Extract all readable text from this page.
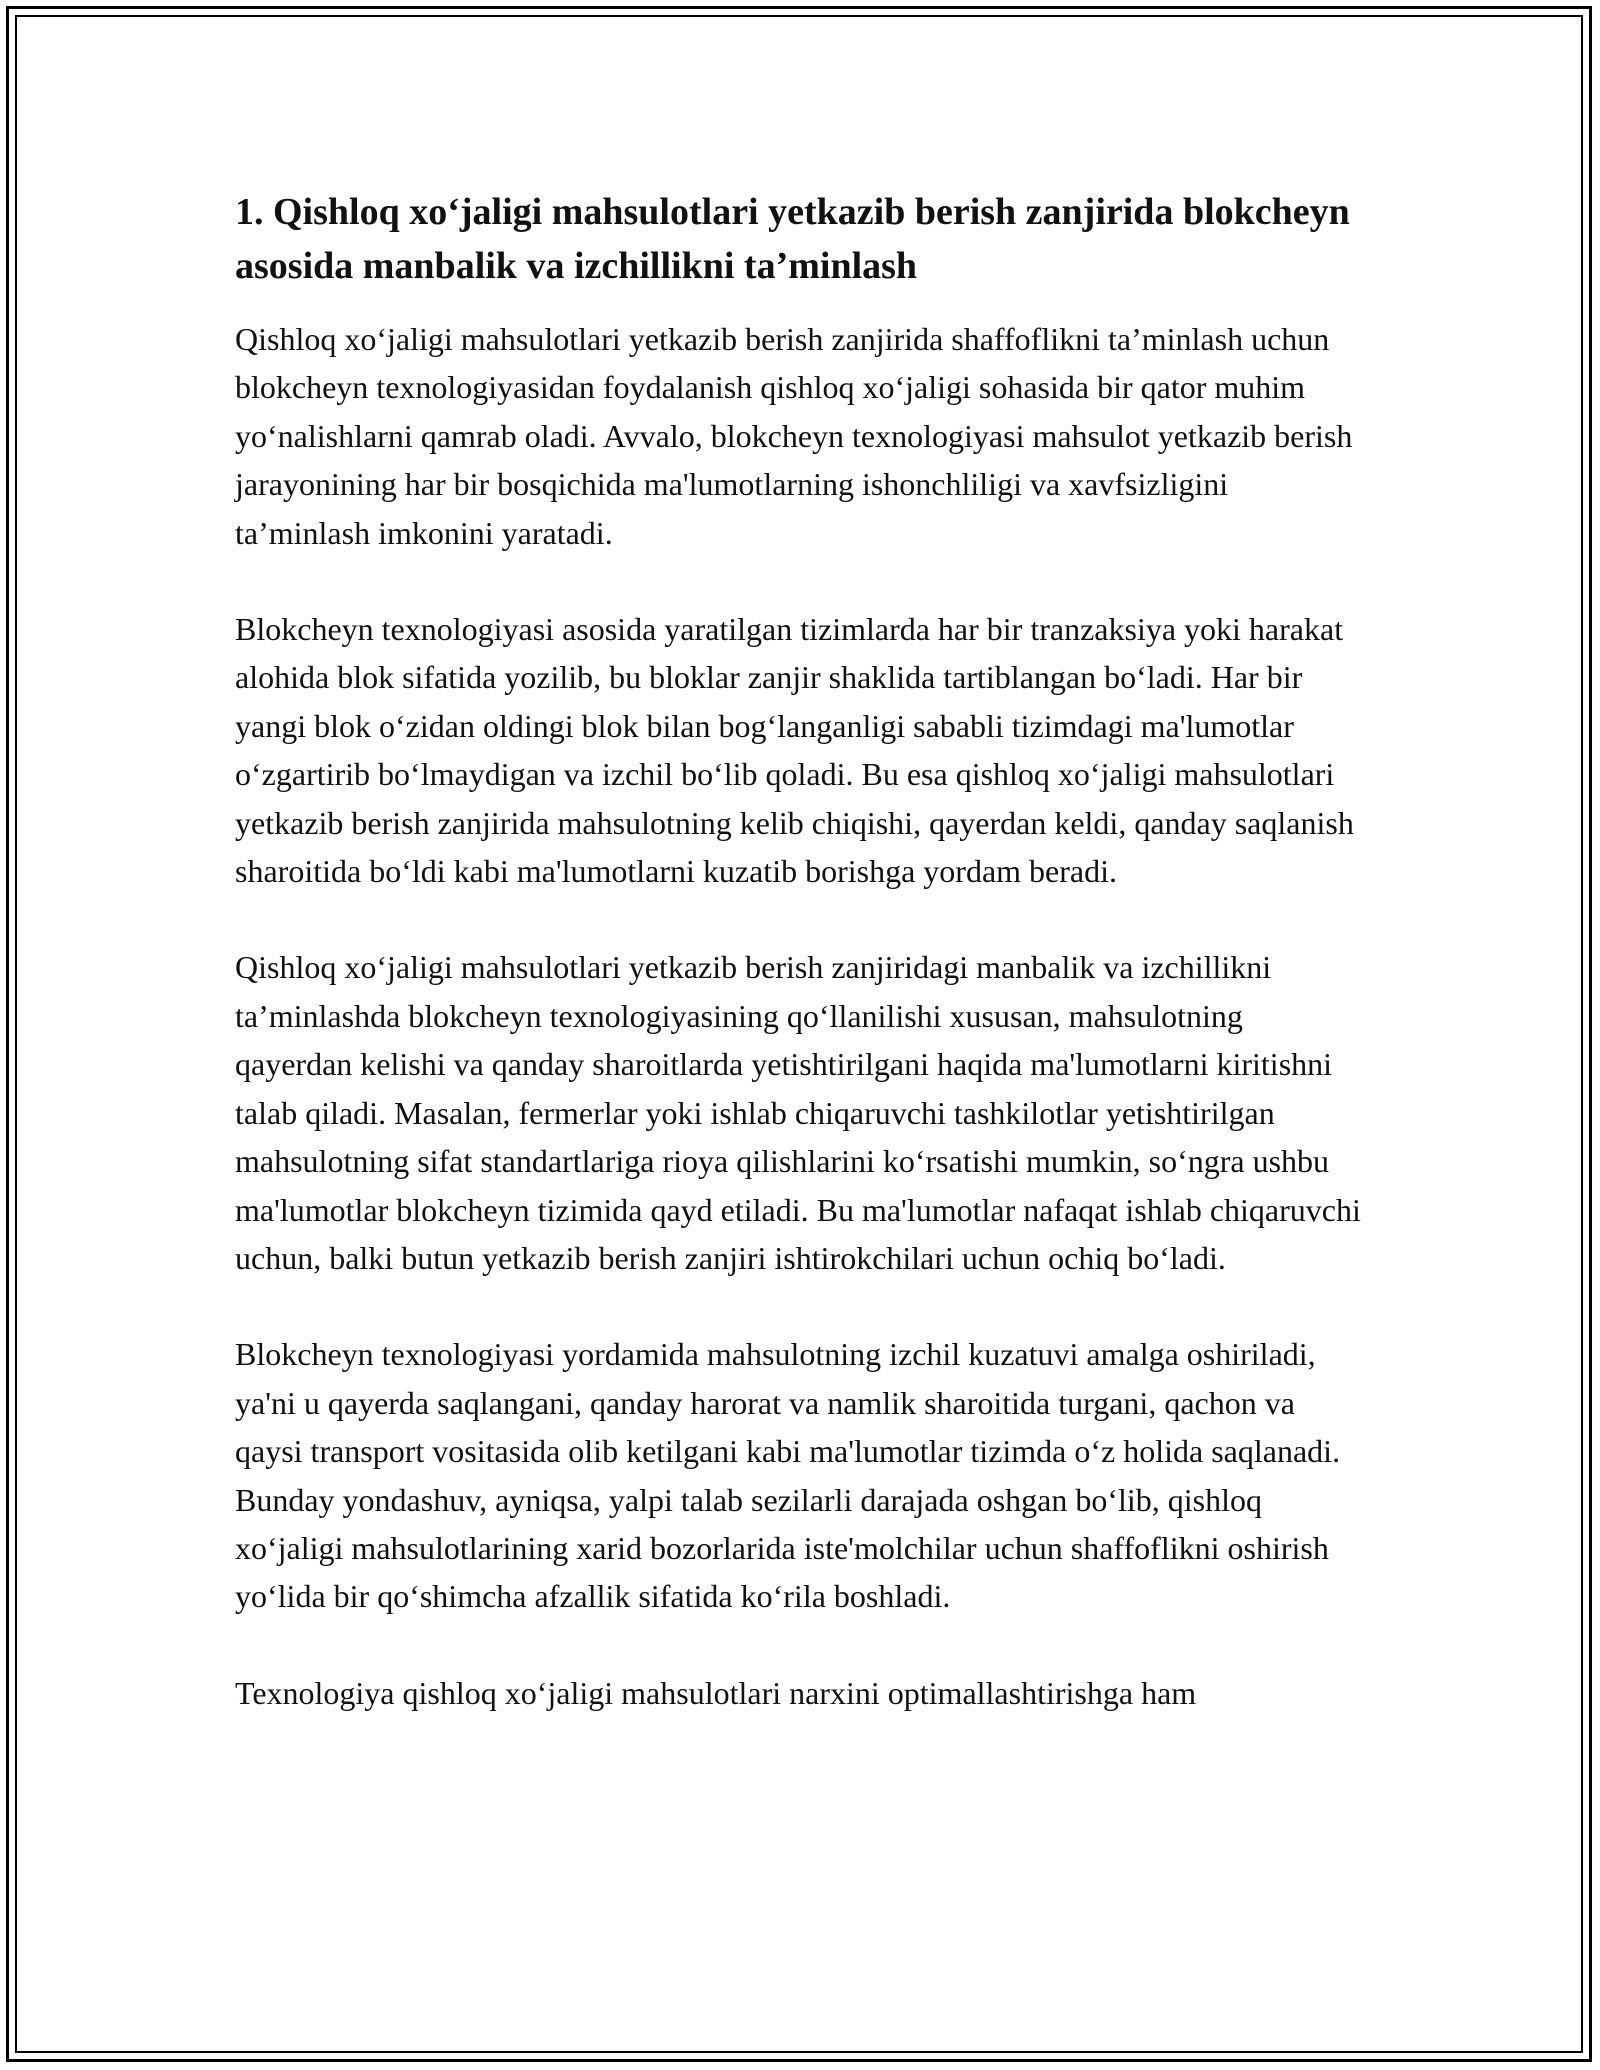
1. Qishloq xo‘jaligi mahsulotlari yetkazib berish zanjirida blokcheyn asosida manbalik va izchillikni ta’minlash

Qishloq xo‘jaligi mahsulotlari yetkazib berish zanjirida shaffoflikni ta’minlash uchun blokcheyn texnologiyasidan foydalanish qishloq xo‘jaligi sohasida bir qator muhim yo‘nalishlarni qamrab oladi. Avvalo, blokcheyn texnologiyasi mahsulot yetkazib berish jarayonining har bir bosqichida ma'lumotlarning ishonchliligi va xavfsizligini ta’minlash imkonini yaratadi.

Blokcheyn texnologiyasi asosida yaratilgan tizimlarda har bir tranzaksiya yoki harakat alohida blok sifatida yozilib, bu bloklar zanjir shaklida tartiblangan bo‘ladi. Har bir yangi blok o‘zidan oldingi blok bilan bog‘langanligi sababli tizimdagi ma'lumotlar o‘zgartirib bo‘lmaydigan va izchil bo‘lib qoladi. Bu esa qishloq xo‘jaligi mahsulotlari yetkazib berish zanjirida mahsulotning kelib chiqishi, qayerdan keldi, qanday saqlanish sharoitida bo‘ldi kabi ma'lumotlarni kuzatib borishga yordam beradi.

Qishloq xo‘jaligi mahsulotlari yetkazib berish zanjiridagi manbalik va izchillikni ta’minlashda blokcheyn texnologiyasining qo‘llanilishi xususan, mahsulotning qayerdan kelishi va qanday sharoitlarda yetishtirilgani haqida ma'lumotlarni kiritishni talab qiladi. Masalan, fermerlar yoki ishlab chiqaruvchi tashkilotlar yetishtirilgan mahsulotning sifat standartlariga rioya qilishlarini ko‘rsatishi mumkin, so‘ngra ushbu ma'lumotlar blokcheyn tizimida qayd etiladi. Bu ma'lumotlar nafaqat ishlab chiqaruvchi uchun, balki butun yetkazib berish zanjiri ishtirokchilari uchun ochiq bo‘ladi.

Blokcheyn texnologiyasi yordamida mahsulotning izchil kuzatuvi amalga oshiriladi, ya'ni u qayerda saqlangani, qanday harorat va namlik sharoitida turgani, qachon va qaysi transport vositasida olib ketilgani kabi ma'lumotlar tizimda o‘z holida saqlanadi. Bunday yondashuv, ayniqsa, yalpi talab sezilarli darajada oshgan bo‘lib, qishloq xo‘jaligi mahsulotlarining xarid bozorlarida iste'molchilar uchun shaffoflikni oshirish yo‘lida bir qo‘shimcha afzallik sifatida ko‘rila boshladi.

Texnologiya qishloq xo‘jaligi mahsulotlari narxini optimallashtirishga ham
